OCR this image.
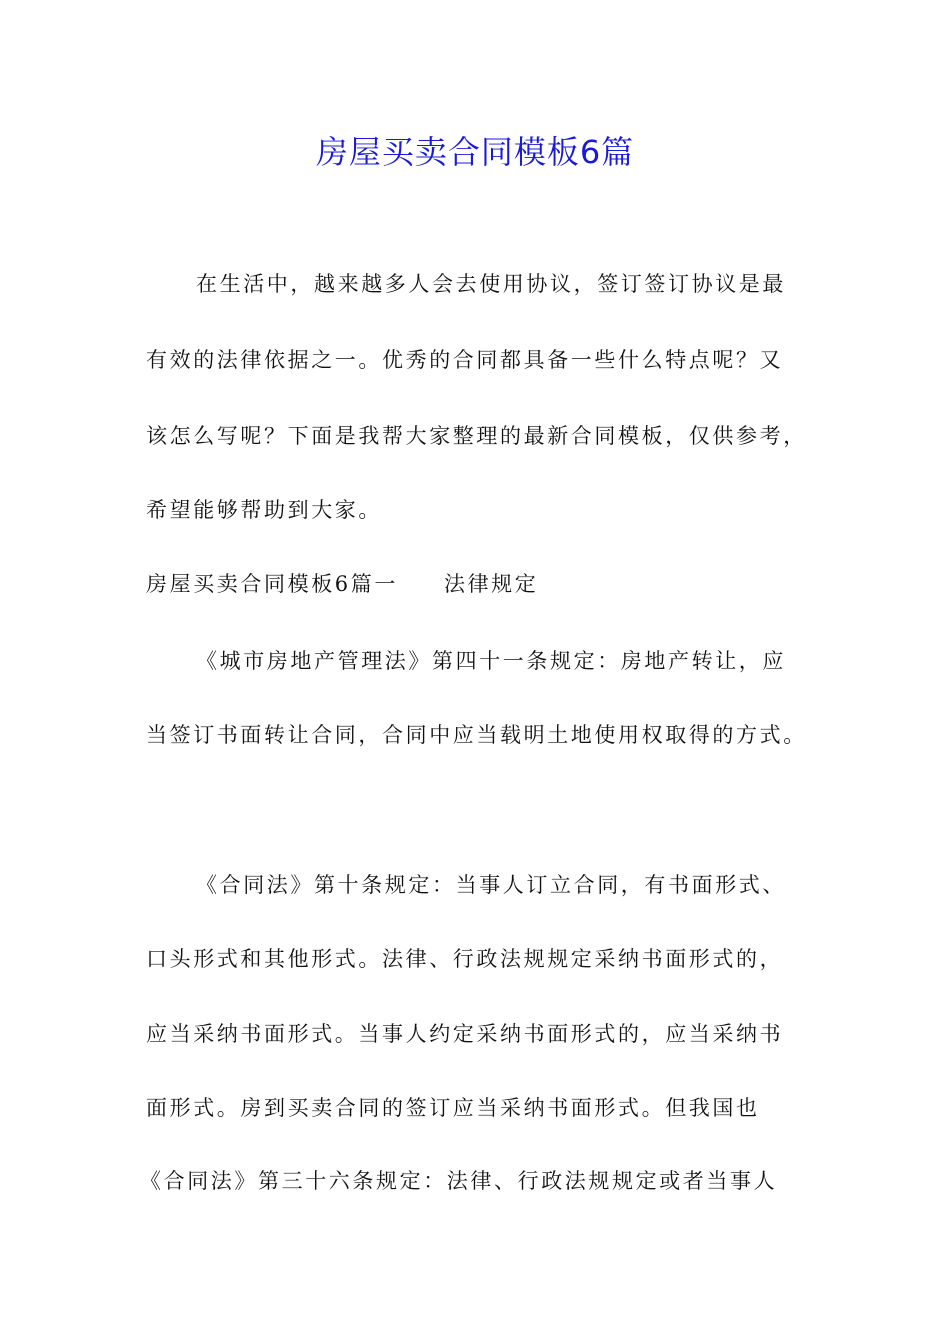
房屋买卖合同模板6篇
在生活中，越来越多人会去使用协议，签订签订协议是最
有效的法律依据之一。优秀的合同都具备一些什么特点呢？又
该怎么写呢？下面是我帮大家整理的最新合同模板，仅供参考，
希望能够帮助到大家。
房屋买卖合同模板6篇一 法律规定
《城市房地产管理法》第四十一条规定：房地产转让，应
当签订书面转让合同，合同中应当载明土地使用权取得的方式。
《合同法》第十条规定：当事人订立合同，有书面形式、
口头形式和其他形式。法律、行政法规规定采纳书面形式的，
应当采纳书面形式。当事人约定采纳书面形式的，应当采纳书
面形式。房到买卖合同的签订应当采纳书面形式。但我国也
《合同法》第三十六条规定：法律、行政法规规定或者当事人
